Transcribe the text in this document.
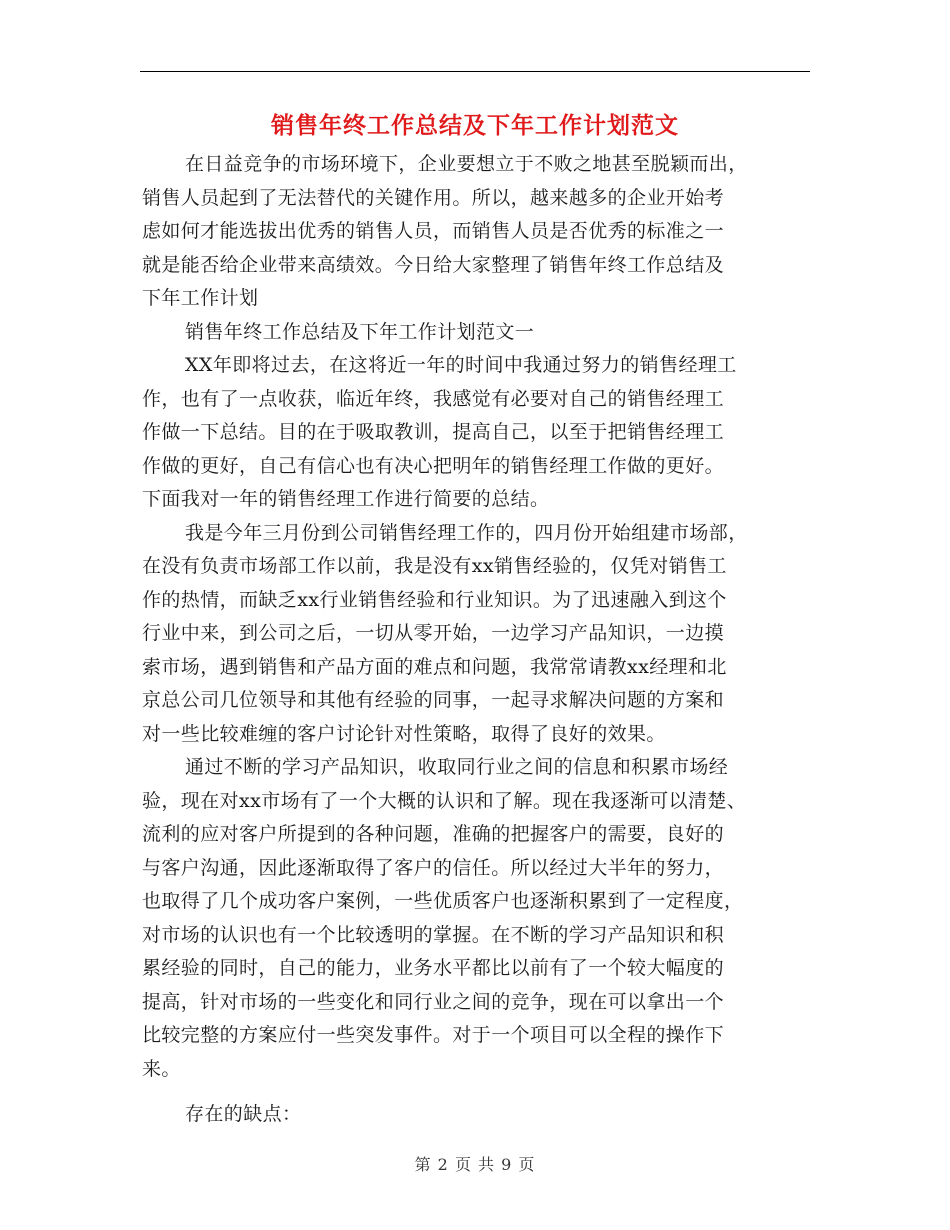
销售年终工作总结及下年工作计划范文
在日益竞争的市场环境下，企业要想立于不败之地甚至脱颖而出，
销售人员起到了无法替代的关键作用。所以，越来越多的企业开始考
虑如何才能选拔出优秀的销售人员，而销售人员是否优秀的标准之一
就是能否给企业带来高绩效。今日给大家整理了销售年终工作总结及
下年工作计划
销售年终工作总结及下年工作计划范文一
XX年即将过去，在这将近一年的时间中我通过努力的销售经理工
作，也有了一点收获，临近年终，我感觉有必要对自己的销售经理工
作做一下总结。目的在于吸取教训，提高自己，以至于把销售经理工
作做的更好，自己有信心也有决心把明年的销售经理工作做的更好。
下面我对一年的销售经理工作进行简要的总结。
我是今年三月份到公司销售经理工作的，四月份开始组建市场部，
在没有负责市场部工作以前，我是没有xx销售经验的，仅凭对销售工
作的热情，而缺乏xx行业销售经验和行业知识。为了迅速融入到这个
行业中来，到公司之后，一切从零开始，一边学习产品知识，一边摸
索市场，遇到销售和产品方面的难点和问题，我常常请教xx经理和北
京总公司几位领导和其他有经验的同事，一起寻求解决问题的方案和
对一些比较难缠的客户讨论针对性策略，取得了良好的效果。
通过不断的学习产品知识，收取同行业之间的信息和积累市场经
验，现在对xx市场有了一个大概的认识和了解。现在我逐渐可以清楚、
流利的应对客户所提到的各种问题，准确的把握客户的需要，良好的
与客户沟通，因此逐渐取得了客户的信任。所以经过大半年的努力，
也取得了几个成功客户案例，一些优质客户也逐渐积累到了一定程度，
对市场的认识也有一个比较透明的掌握。在不断的学习产品知识和积
累经验的同时，自己的能力，业务水平都比以前有了一个较大幅度的
提高，针对市场的一些变化和同行业之间的竞争，现在可以拿出一个
比较完整的方案应付一些突发事件。对于一个项目可以全程的操作下
来。
存在的缺点：
第 2 页 共 9 页
